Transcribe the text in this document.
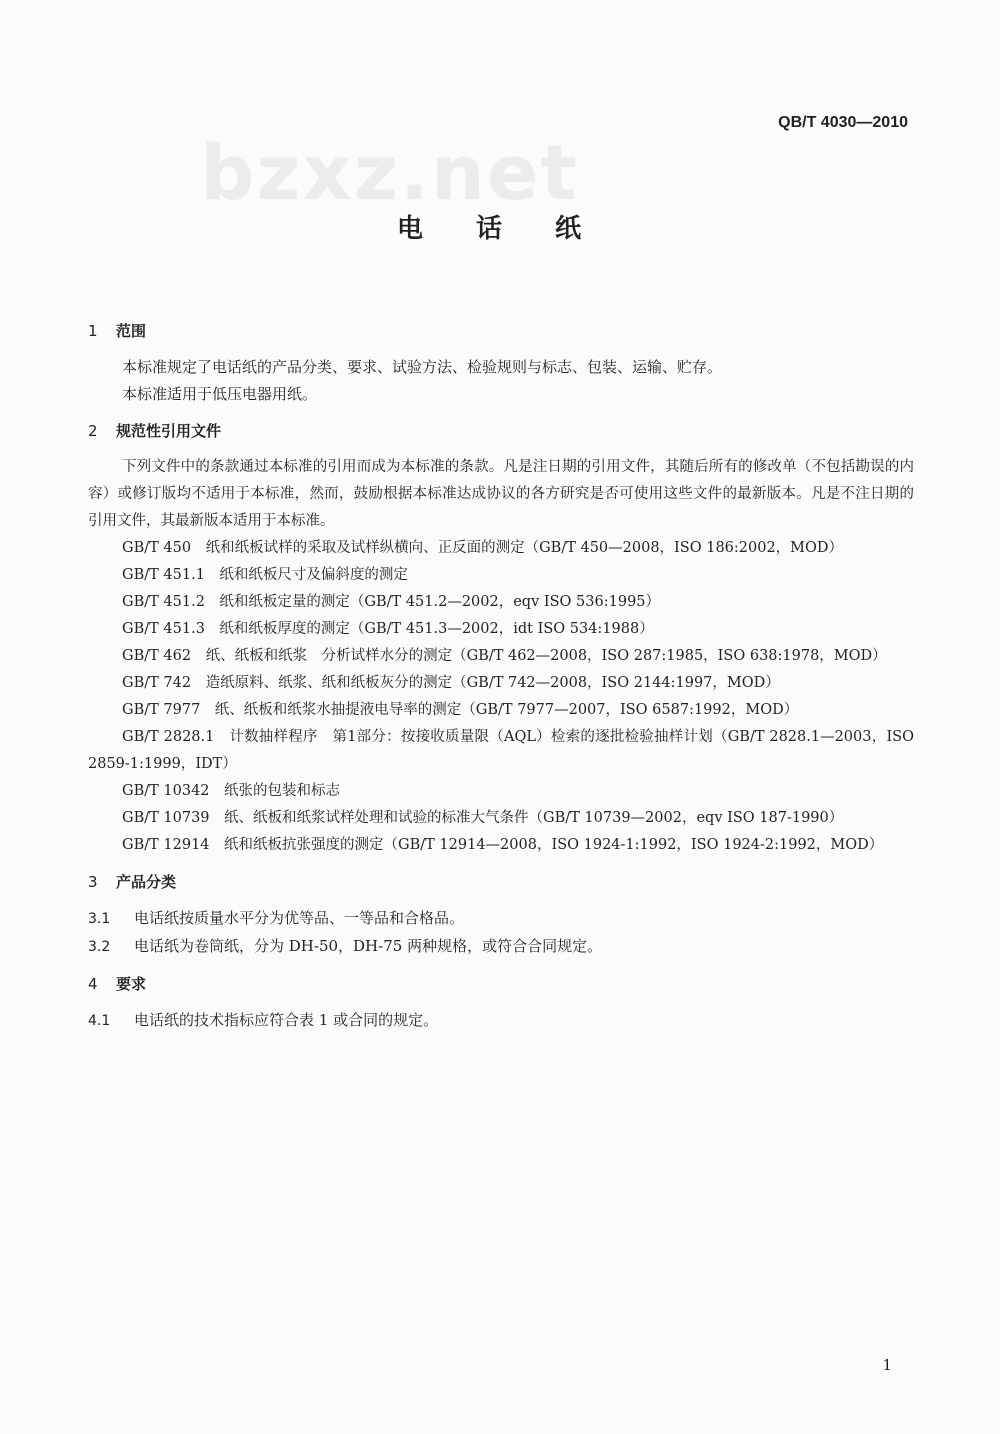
bzxz.net
QB/T 4030—2010
电 话 纸
1 范围

本标准规定了电话纸的产品分类、要求、试验方法、检验规则与标志、包装、运输、贮存。

本标准适用于低压电器用纸。

2 规范性引用文件

下列文件中的条款通过本标准的引用而成为本标准的条款。凡是注日期的引用文件，其随后所有的修改单（不包括勘误的内容）或修订版均不适用于本标准，然而，鼓励根据本标准达成协议的各方研究是否可使用这些文件的最新版本。凡是不注日期的引用文件，其最新版本适用于本标准。

GB/T 450　纸和纸板试样的采取及试样纵横向、正反面的测定（GB/T 450—2008，ISO 186:2002，MOD）

GB/T 451.1　纸和纸板尺寸及偏斜度的测定

GB/T 451.2　纸和纸板定量的测定（GB/T 451.2—2002，eqv ISO 536:1995）

GB/T 451.3　纸和纸板厚度的测定（GB/T 451.3—2002，idt ISO 534:1988）

GB/T 462　纸、纸板和纸浆　分析试样水分的测定（GB/T 462—2008，ISO 287:1985，ISO 638:1978，MOD）

GB/T 742　造纸原料、纸浆、纸和纸板灰分的测定（GB/T 742—2008，ISO 2144:1997，MOD）

GB/T 7977　纸、纸板和纸浆水抽提液电导率的测定（GB/T 7977—2007，ISO 6587:1992，MOD）

GB/T 2828.1　计数抽样程序　第1部分：按接收质量限（AQL）检索的逐批检验抽样计划（GB/T 2828.1—2003，ISO 2859-1:1999，IDT）

GB/T 10342　纸张的包装和标志

GB/T 10739　纸、纸板和纸浆试样处理和试验的标准大气条件（GB/T 10739—2002，eqv ISO 187-1990）

GB/T 12914　纸和纸板抗张强度的测定（GB/T 12914—2008，ISO 1924-1:1992，ISO 1924-2:1992，MOD）

3 产品分类

3.1 电话纸按质量水平分为优等品、一等品和合格品。

3.2 电话纸为卷筒纸，分为 DH-50，DH-75 两种规格，或符合合同规定。

4 要求

4.1 电话纸的技术指标应符合表 1 或合同的规定。

1
